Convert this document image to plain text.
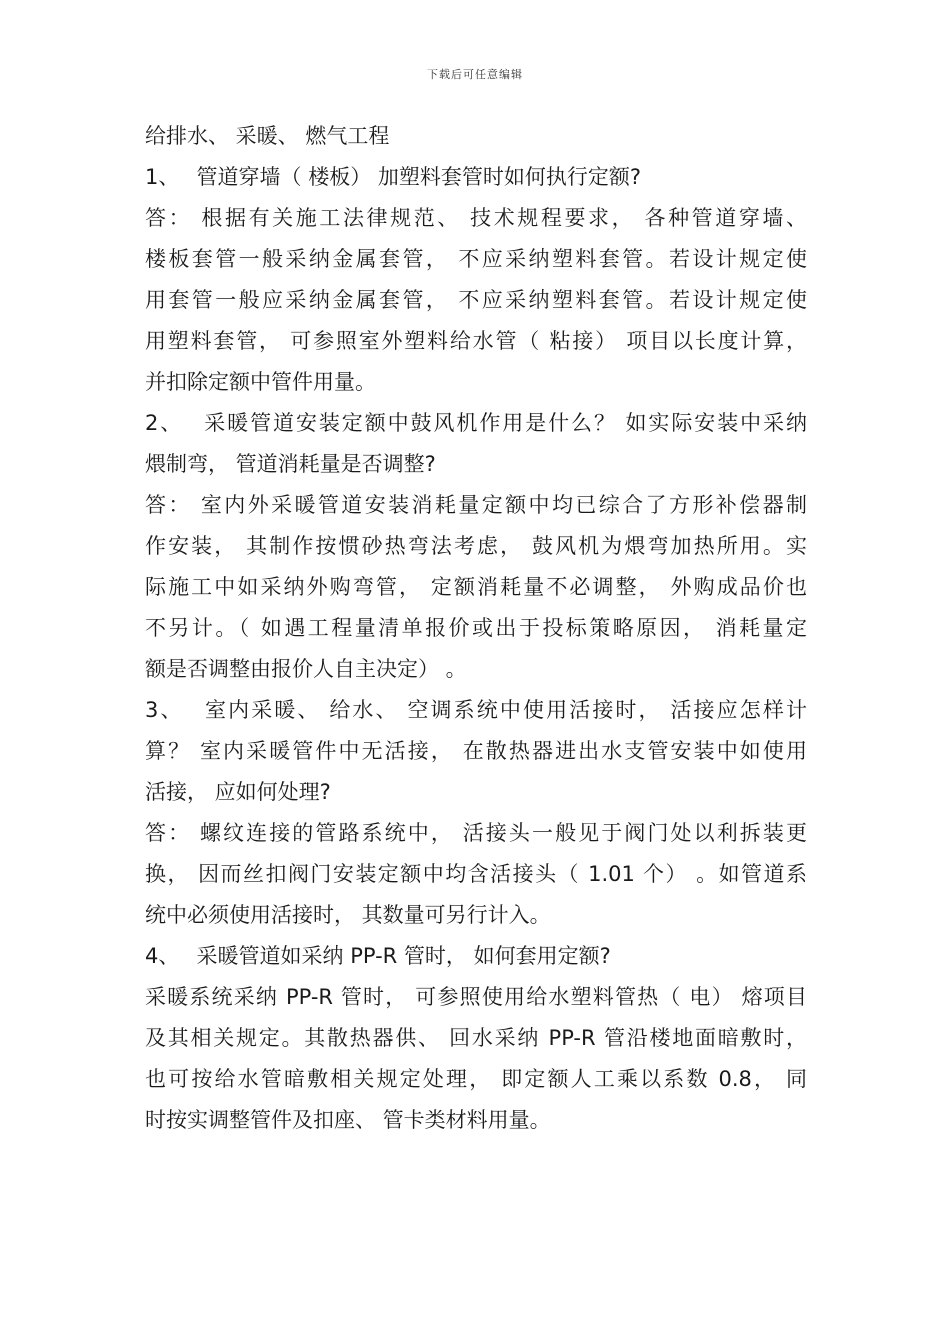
下载后可任意编辑
给排水、 采暖、 燃气工程
1、　 管道穿墙（ 楼板） 加塑料套管时如何执行定额?
答： 根据有关施工法律规范、 技术规程要求， 各种管道穿墙、
楼板套管一般采纳金属套管， 不应采纳塑料套管。若设计规定使
用套管一般应采纳金属套管， 不应采纳塑料套管。若设计规定使
用塑料套管， 可参照室外塑料给水管（ 粘接） 项目以长度计算，
并扣除定额中管件用量。
2、　 采暖管道安装定额中鼓风机作用是什么？ 如实际安装中采纳
煨制弯， 管道消耗量是否调整?
答： 室内外采暖管道安装消耗量定额中均已综合了方形补偿器制
作安装， 其制作按惯砂热弯法考虑， 鼓风机为煨弯加热所用。实
际施工中如采纳外购弯管， 定额消耗量不必调整， 外购成品价也
不另计。（ 如遇工程量清单报价或出于投标策略原因， 消耗量定
额是否调整由报价人自主决定） 。
3、　 室内采暖、 给水、 空调系统中使用活接时， 活接应怎样计
算？ 室内采暖管件中无活接， 在散热器进出水支管安装中如使用
活接， 应如何处理?
答： 螺纹连接的管路系统中， 活接头一般见于阀门处以利拆装更
换， 因而丝扣阀门安装定额中均含活接头（ 1.01 个） 。如管道系
统中必须使用活接时， 其数量可另行计入。
4、　 采暖管道如采纳 PP-R 管时， 如何套用定额?
采暖系统采纳 PP-R 管时， 可参照使用给水塑料管热（ 电） 熔项目
及其相关规定。其散热器供、 回水采纳 PP-R 管沿楼地面暗敷时，
也可按给水管暗敷相关规定处理， 即定额人工乘以系数 0.8， 同
时按实调整管件及扣座、 管卡类材料用量。
